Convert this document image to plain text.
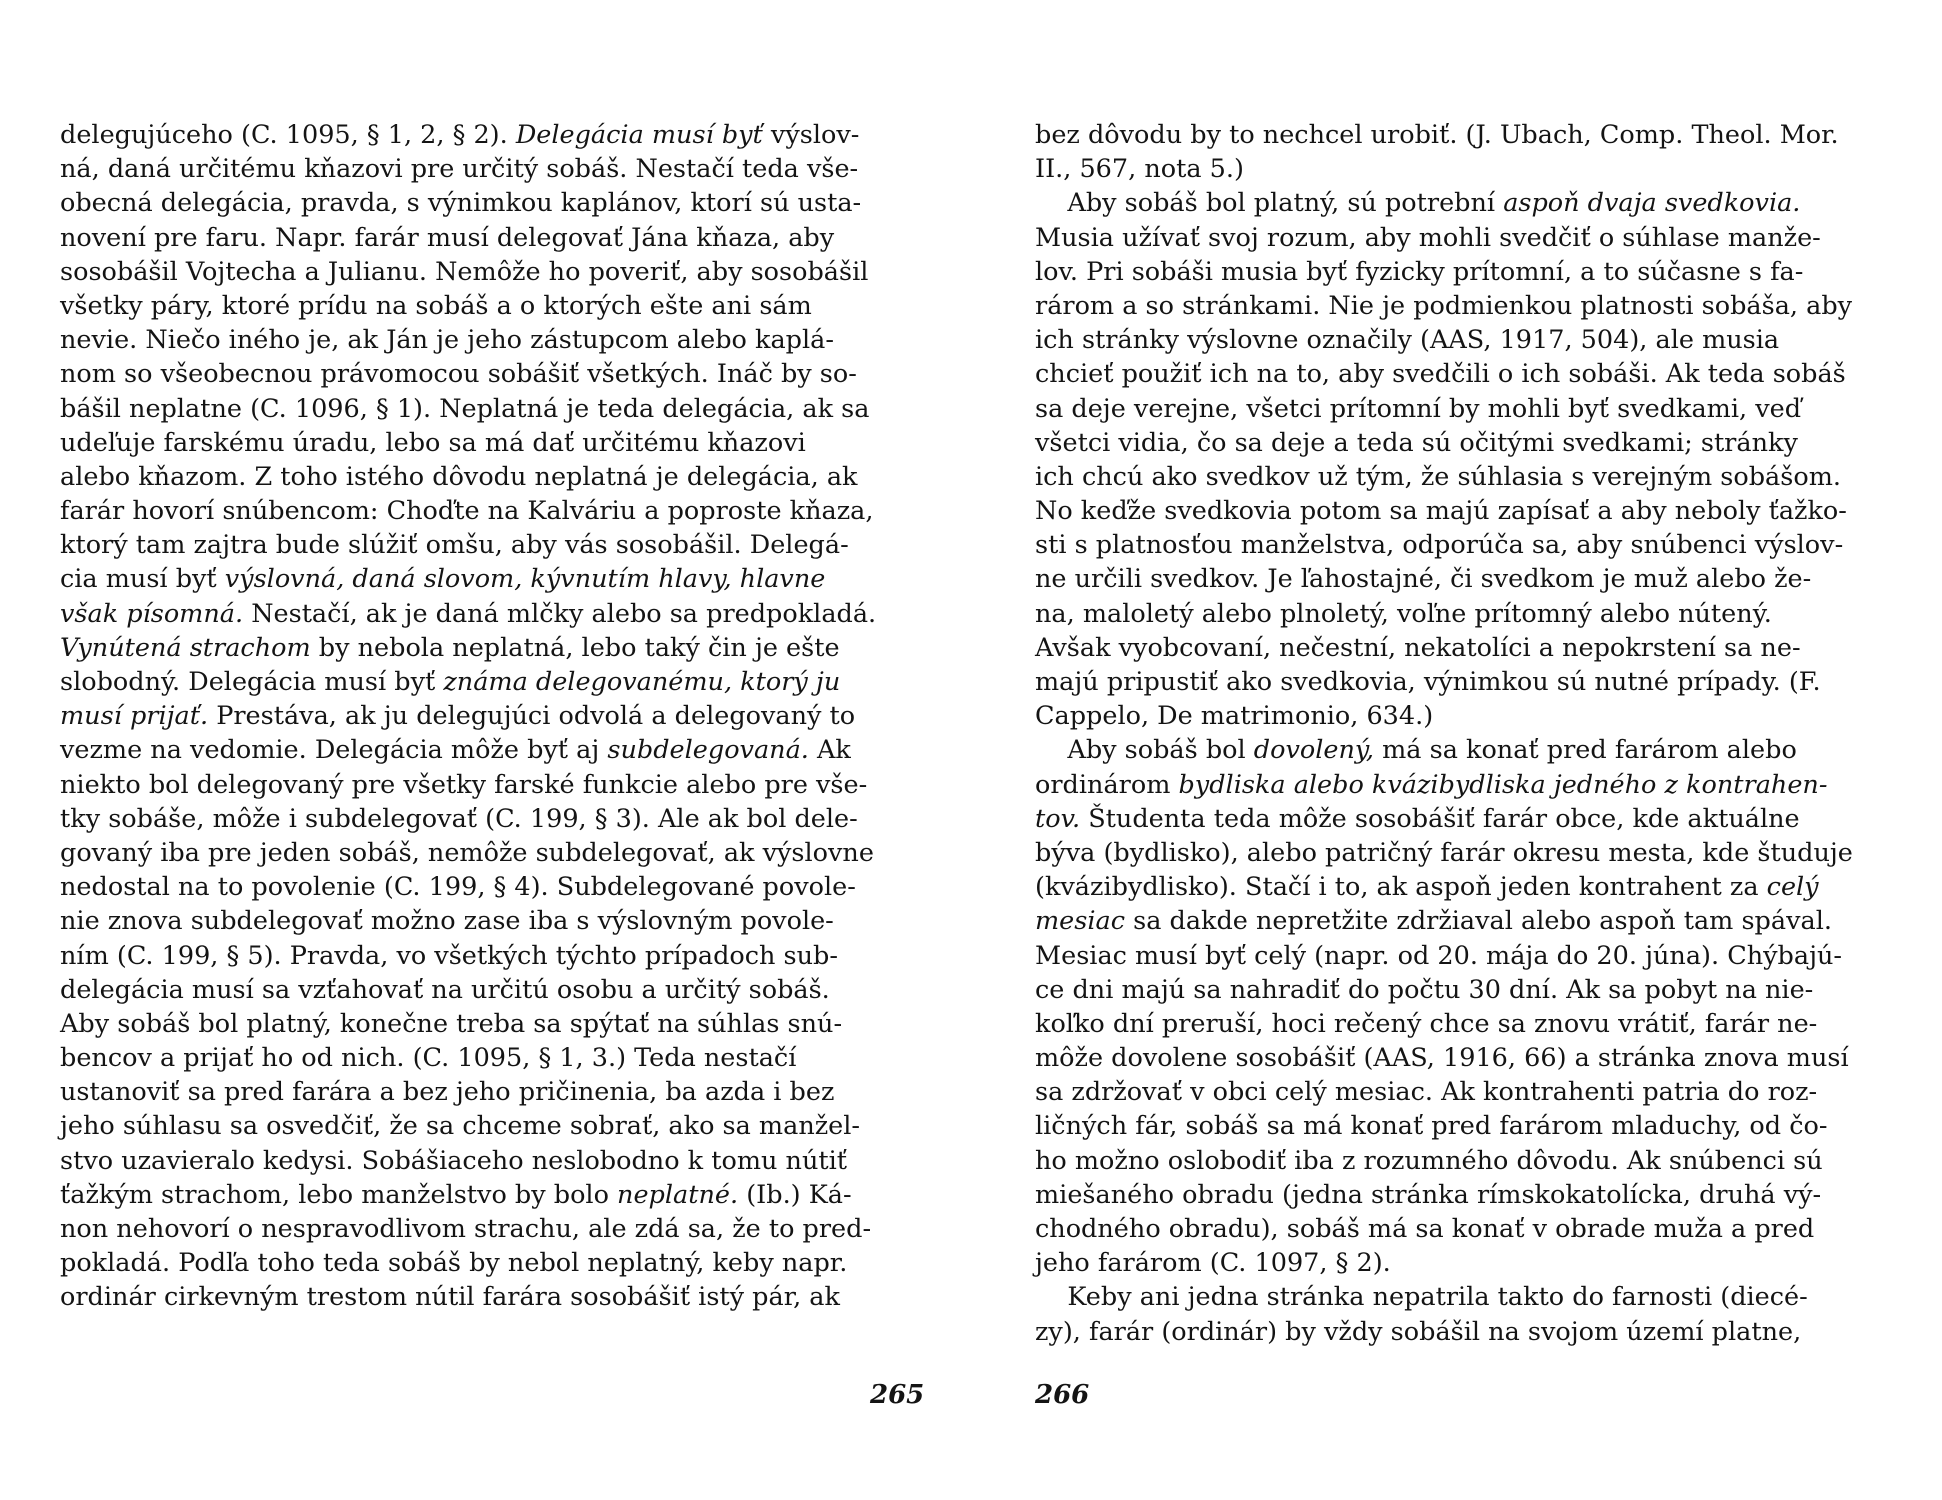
delegujúceho (C. 1095, § 1, 2, § 2). Delegácia musí byť výslov-
ná, daná určitému kňazovi pre určitý sobáš. Nestačí teda vše-
obecná delegácia, pravda, s výnimkou kaplánov, ktorí sú usta-
novení pre faru. Napr. farár musí delegovať Jána kňaza, aby
sosobášil Vojtecha a Julianu. Nemôže ho poveriť, aby sosobášil
všetky páry, ktoré prídu na sobáš a o ktorých ešte ani sám
nevie. Niečo iného je, ak Ján je jeho zástupcom alebo kaplá-
nom so všeobecnou právomocou sobášiť všetkých. Ináč by so-
bášil neplatne (C. 1096, § 1). Neplatná je teda delegácia, ak sa
udeľuje farskému úradu, lebo sa má dať určitému kňazovi
alebo kňazom. Z toho istého dôvodu neplatná je delegácia, ak
farár hovorí snúbencom: Choďte na Kalváriu a poproste kňaza,
ktorý tam zajtra bude slúžiť omšu, aby vás sosobášil. Delegá-
cia musí byť výslovná, daná slovom, kývnutím hlavy, hlavne
však písomná. Nestačí, ak je daná mlčky alebo sa predpokladá.
Vynútená strachom by nebola neplatná, lebo taký čin je ešte
slobodný. Delegácia musí byť známa delegovanému, ktorý ju
musí prijať. Prestáva, ak ju delegujúci odvolá a delegovaný to
vezme na vedomie. Delegácia môže byť aj subdelegovaná. Ak
niekto bol delegovaný pre všetky farské funkcie alebo pre vše-
tky sobáše, môže i subdelegovať (C. 199, § 3). Ale ak bol dele-
govaný iba pre jeden sobáš, nemôže subdelegovať, ak výslovne
nedostal na to povolenie (C. 199, § 4). Subdelegované povole-
nie znova subdelegovať možno zase iba s výslovným povole-
ním (C. 199, § 5). Pravda, vo všetkých týchto prípadoch sub-
delegácia musí sa vzťahovať na určitú osobu a určitý sobáš.
Aby sobáš bol platný, konečne treba sa spýtať na súhlas snú-
bencov a prijať ho od nich. (C. 1095, § 1, 3.) Teda nestačí
ustanoviť sa pred farára a bez jeho pričinenia, ba azda i bez
jeho súhlasu sa osvedčiť, že sa chceme sobrať, ako sa manžel-
stvo uzavieralo kedysi. Sobášiaceho neslobodno k tomu nútiť
ťažkým strachom, lebo manželstvo by bolo neplatné. (Ib.) Ká-
non nehovorí o nespravodlivom strachu, ale zdá sa, že to pred-
pokladá. Podľa toho teda sobáš by nebol neplatný, keby napr.
ordinár cirkevným trestom nútil farára sosobášiť istý pár, ak
bez dôvodu by to nechcel urobiť. (J. Ubach, Comp. Theol. Mor.
II., 567, nota 5.)
Aby sobáš bol platný, sú potrební aspoň dvaja svedkovia.
Musia užívať svoj rozum, aby mohli svedčiť o súhlase manže-
lov. Pri sobáši musia byť fyzicky prítomní, a to súčasne s fa-
rárom a so stránkami. Nie je podmienkou platnosti sobáša, aby
ich stránky výslovne označily (AAS, 1917, 504), ale musia
chcieť použiť ich na to, aby svedčili o ich sobáši. Ak teda sobáš
sa deje verejne, všetci prítomní by mohli byť svedkami, veď
všetci vidia, čo sa deje a teda sú očitými svedkami; stránky
ich chcú ako svedkov už tým, že súhlasia s verejným sobášom.
No keďže svedkovia potom sa majú zapísať a aby neboly ťažko-
sti s platnosťou manželstva, odporúča sa, aby snúbenci výslov-
ne určili svedkov. Je ľahostajné, či svedkom je muž alebo že-
na, maloletý alebo plnoletý, voľne prítomný alebo nútený.
Avšak vyobcovaní, nečestní, nekatolíci a nepokrstení sa ne-
majú pripustiť ako svedkovia, výnimkou sú nutné prípady. (F.
Cappelo, De matrimonio, 634.)
Aby sobáš bol dovolený, má sa konať pred farárom alebo
ordinárom bydliska alebo kvázibydliska jedného z kontrahen-
tov. Študenta teda môže sosobášiť farár obce, kde aktuálne
býva (bydlisko), alebo patričný farár okresu mesta, kde študuje
(kvázibydlisko). Stačí i to, ak aspoň jeden kontrahent za celý
mesiac sa dakde nepretžite zdržiaval alebo aspoň tam spával.
Mesiac musí byť celý (napr. od 20. mája do 20. júna). Chýbajú-
ce dni majú sa nahradiť do počtu 30 dní. Ak sa pobyt na nie-
koľko dní preruší, hoci rečený chce sa znovu vrátiť, farár ne-
môže dovolene sosobášiť (AAS, 1916, 66) a stránka znova musí
sa zdržovať v obci celý mesiac. Ak kontrahenti patria do roz-
ličných fár, sobáš sa má konať pred farárom mladuchy, od čo-
ho možno oslobodiť iba z rozumného dôvodu. Ak snúbenci sú
miešaného obradu (jedna stránka rímskokatolícka, druhá vý-
chodného obradu), sobáš má sa konať v obrade muža a pred
jeho farárom (C. 1097, § 2).
Keby ani jedna stránka nepatrila takto do farnosti (diecé-
zy), farár (ordinár) by vždy sobášil na svojom území platne,
265	266
